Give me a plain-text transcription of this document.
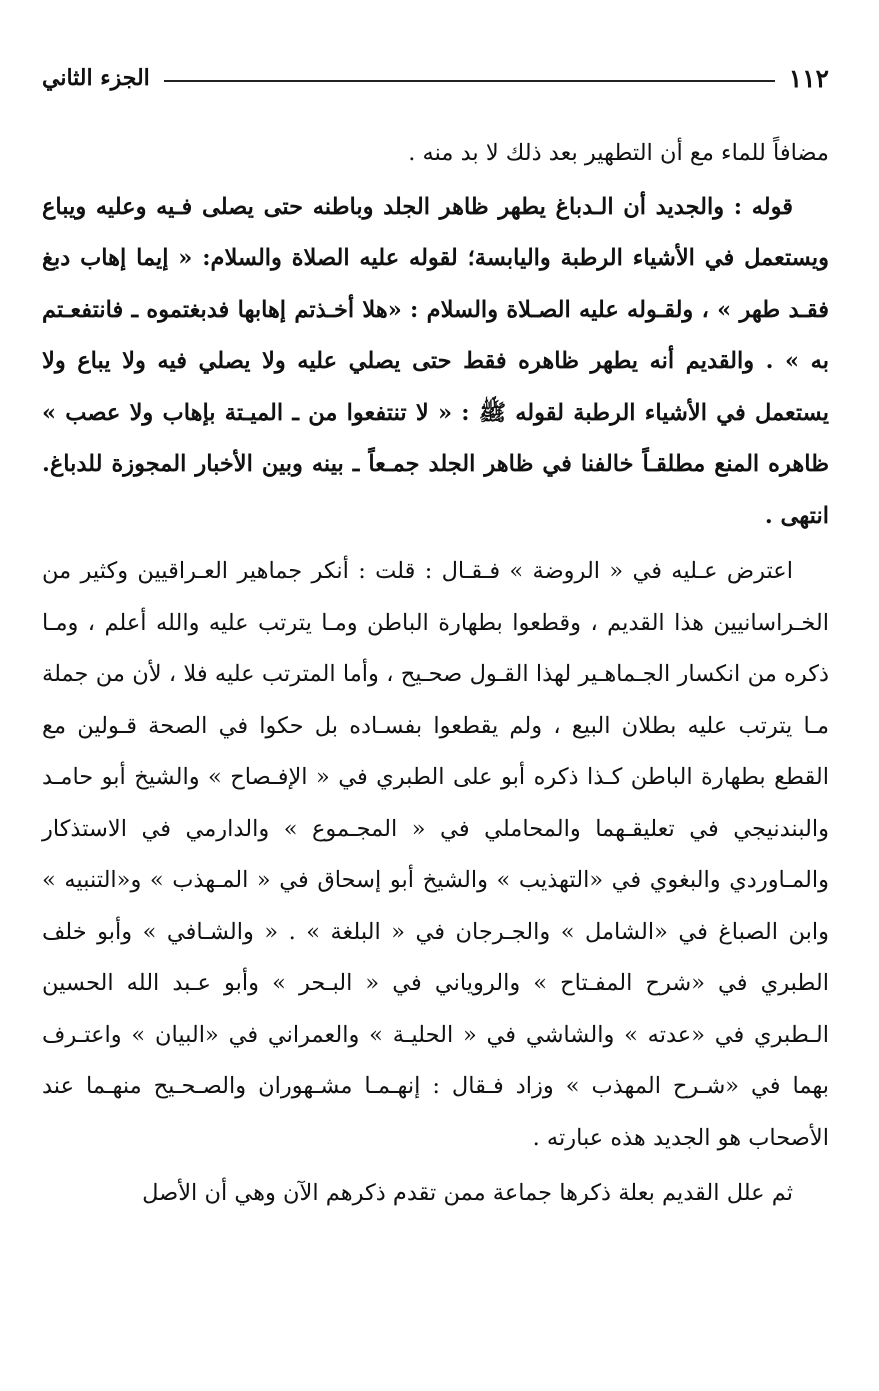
١١٢
الجزء الثاني

مضافاً للماء مع أن التطهير بعد ذلك لا بد منه .

قوله : والجديد أن الـدباغ يطهر ظاهر الجلد وباطنه حتى يصلى فـيه وعليه ويباع ويستعمل في الأشياء الرطبة واليابسة؛ لقوله عليه الصلاة والسلام: « إيما إهاب دبغ فقـد طهر » ، ولقـوله عليه الصـلاة والسلام : «هلا أخـذتم إهابها فدبغتموه ـ فانتفعـتم به » . والقديم أنه يطهر ظاهره فقط حتى يصلي عليه ولا يصلي فيه ولا يباع ولا يستعمل في الأشياء الرطبة لقوله ﷺ : « لا تنتفعوا من ـ الميـتة بإهاب ولا عصب » ظاهره المنع مطلقـاً خالفنا في ظاهر الجلد جمـعاً ـ بينه وبين الأخبار المجوزة للدباغ. انتهى .

اعترض عـليه في « الروضة » فـقـال : قلت : أنكر جماهير العـراقيين وكثير من الخـراسانيين هذا القديم ، وقطعوا بطهارة الباطن ومـا يترتب عليه والله أعلم ، ومـا ذكره من انكسار الجـماهـير لهذا القـول صحـيح ، وأما المترتب عليه فلا ، لأن من جملة مـا يترتب عليه بطلان البيع ، ولم يقطعوا بفسـاده بل حكوا في الصحة قـولين مع القطع بطهارة الباطن كـذا ذكره أبو على الطبري في « الإفـصاح » والشيخ أبو حامـد والبندنيجي في تعليقـهما والمحاملي في « المجـموع » والدارمي في الاستذكار والمـاوردي والبغوي في «التهذيب » والشيخ أبو إسحاق في « المـهذب » و«التنبيه » وابن الصباغ في «الشامل » والجـرجان في « البلغة » . « والشـافي » وأبو خلف الطبري في «شرح المفـتاح » والروياني في « البـحر » وأبو عـبد الله الحسين الـطبري في «عدته » والشاشي في « الحليـة » والعمراني في «البيان » واعتـرف بهما في «شـرح المهذب » وزاد فـقال : إنهـمـا مشـهوران والصـحـيح منهـما عند الأصحاب هو الجديد هذه عبارته .

ثم علل القديم بعلة ذكرها جماعة ممن تقدم ذكرهم الآن وهي أن الأصل
